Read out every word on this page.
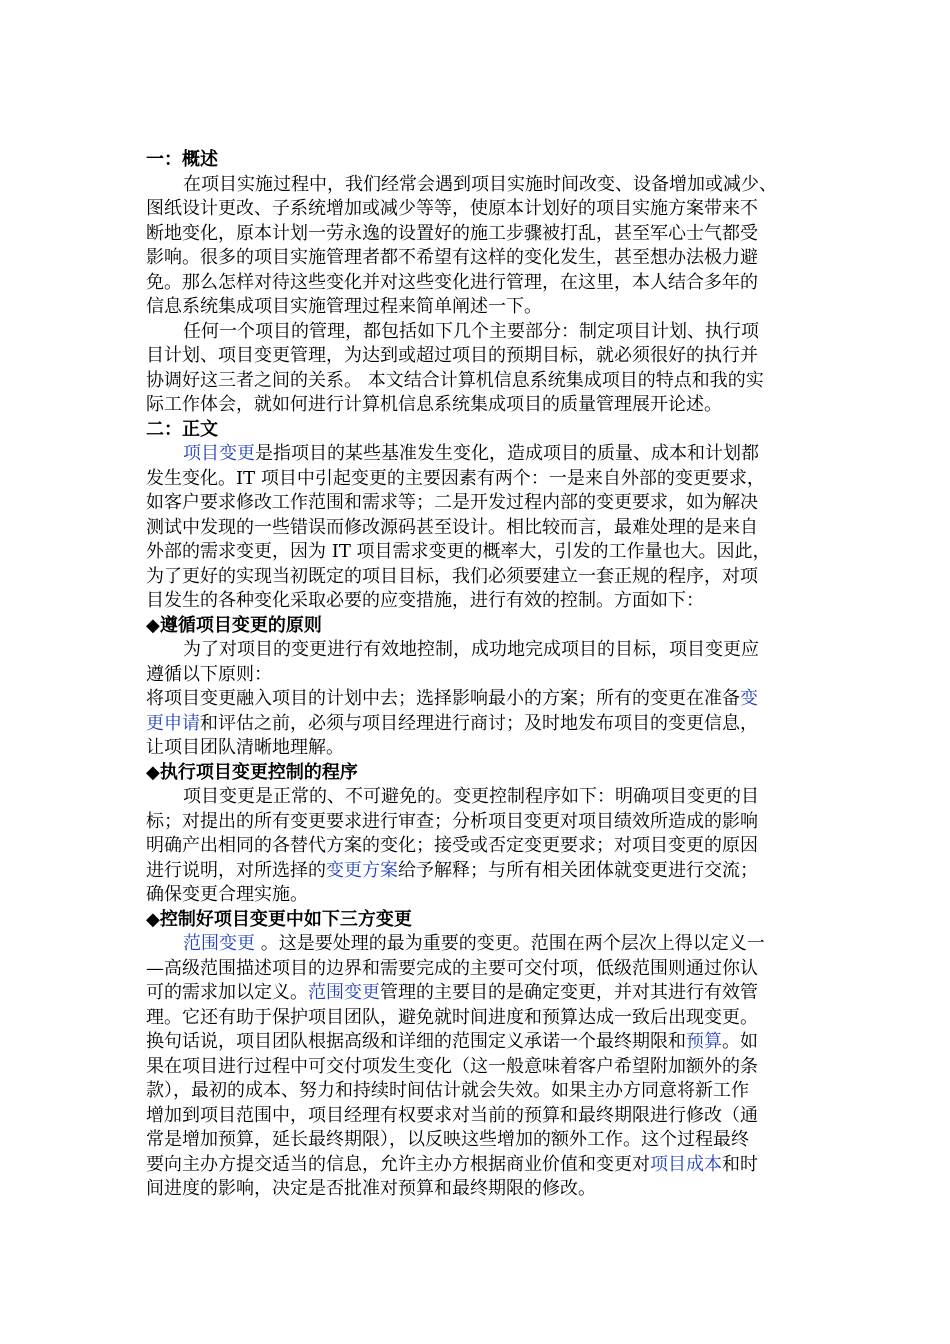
一：概述
在项目实施过程中，我们经常会遇到项目实施时间改变、设备增加或减少、
图纸设计更改、子系统增加或减少等等，使原本计划好的项目实施方案带来不
断地变化，原本计划一劳永逸的设置好的施工步骤被打乱，甚至军心士气都受
影响。很多的项目实施管理者都不希望有这样的变化发生，甚至想办法极力避
免。那么怎样对待这些变化并对这些变化进行管理，在这里，本人结合多年的
信息系统集成项目实施管理过程来简单阐述一下。
任何一个项目的管理，都包括如下几个主要部分：制定项目计划、执行项
目计划、项目变更管理，为达到或超过项目的预期目标，就必须很好的执行并
协调好这三者之间的关系。 本文结合计算机信息系统集成项目的特点和我的实
际工作体会，就如何进行计算机信息系统集成项目的质量管理展开论述。
二：正文
项目变更是指项目的某些基准发生变化，造成项目的质量、成本和计划都
发生变化。IT 项目中引起变更的主要因素有两个：一是来自外部的变更要求，
如客户要求修改工作范围和需求等；二是开发过程内部的变更要求，如为解决
测试中发现的一些错误而修改源码甚至设计。相比较而言，最难处理的是来自
外部的需求变更，因为 IT 项目需求变更的概率大，引发的工作量也大。因此，
为了更好的实现当初既定的项目目标，我们必须要建立一套正规的程序，对项
目发生的各种变化采取必要的应变措施，进行有效的控制。方面如下：
◆遵循项目变更的原则
为了对项目的变更进行有效地控制，成功地完成项目的目标，项目变更应
遵循以下原则：
将项目变更融入项目的计划中去；选择影响最小的方案；所有的变更在准备变
更申请和评估之前，必须与项目经理进行商讨；及时地发布项目的变更信息，
让项目团队清晰地理解。
◆执行项目变更控制的程序
项目变更是正常的、不可避免的。变更控制程序如下：明确项目变更的目
标；对提出的所有变更要求进行审查；分析项目变更对项目绩效所造成的影响
明确产出相同的各替代方案的变化；接受或否定变更要求；对项目变更的原因
进行说明，对所选择的变更方案给予解释；与所有相关团体就变更进行交流；
确保变更合理实施。
◆控制好项目变更中如下三方变更
范围变更 。这是要处理的最为重要的变更。范围在两个层次上得以定义一
—高级范围描述项目的边界和需要完成的主要可交付项，低级范围则通过你认
可的需求加以定义。范围变更管理的主要目的是确定变更，并对其进行有效管
理。它还有助于保护项目团队，避免就时间进度和预算达成一致后出现变更。
换句话说，项目团队根据高级和详细的范围定义承诺一个最终期限和预算。如
果在项目进行过程中可交付项发生变化（这一般意味着客户希望附加额外的条
款），最初的成本、努力和持续时间估计就会失效。如果主办方同意将新工作
增加到项目范围中，项目经理有权要求对当前的预算和最终期限进行修改（通
常是增加预算，延长最终期限），以反映这些增加的额外工作。这个过程最终
要向主办方提交适当的信息，允许主办方根据商业价值和变更对项目成本和时
间进度的影响，决定是否批准对预算和最终期限的修改。
